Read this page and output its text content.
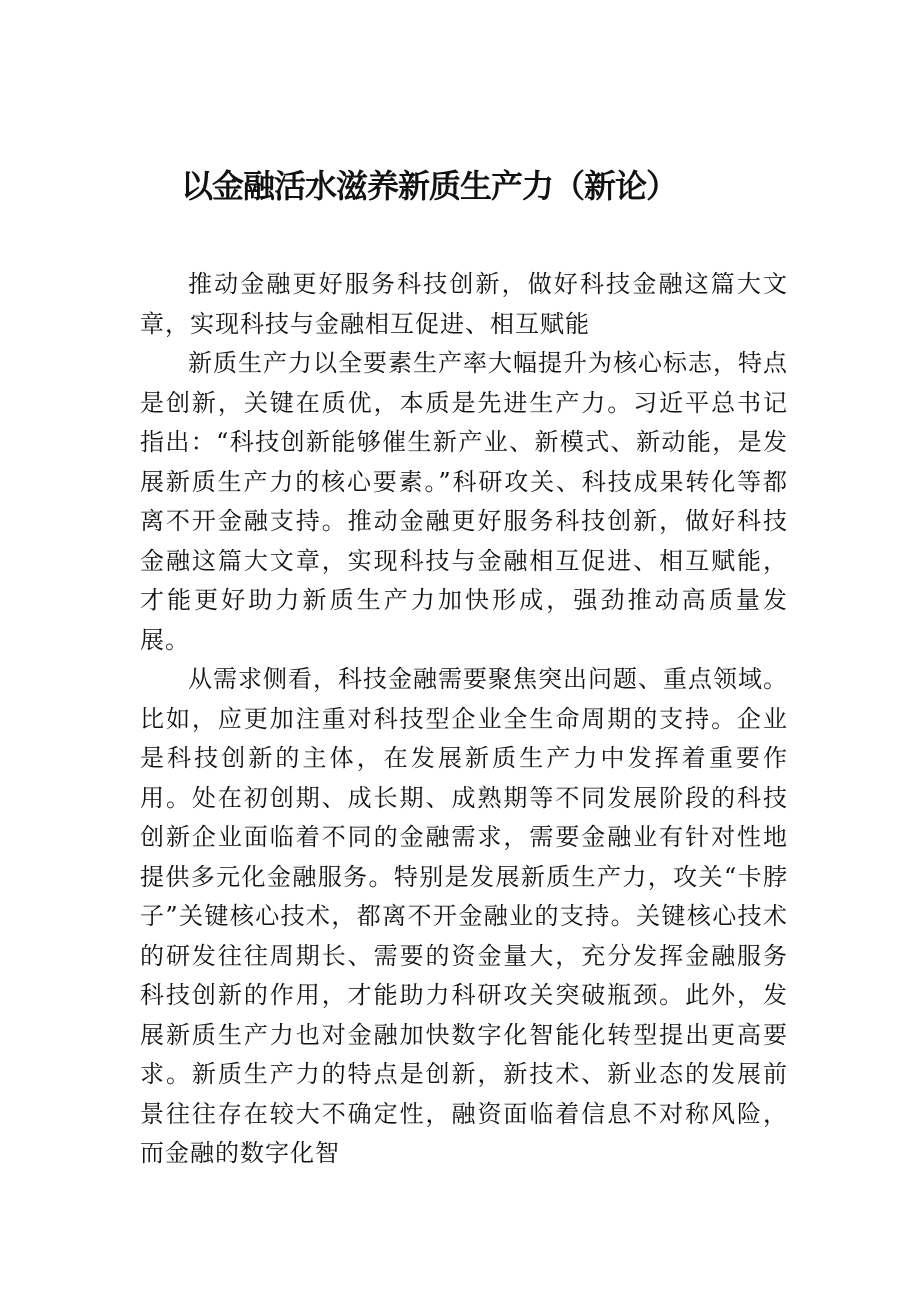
以金融活水滋养新质生产力（新论）

推动金融更好服务科技创新，做好科技金融这篇大文章，实现科技与金融相互促进、相互赋能

新质生产力以全要素生产率大幅提升为核心标志，特点是创新，关键在质优，本质是先进生产力。习近平总书记指出：“科技创新能够催生新产业、新模式、新动能，是发展新质生产力的核心要素。”科研攻关、科技成果转化等都离不开金融支持。推动金融更好服务科技创新，做好科技金融这篇大文章，实现科技与金融相互促进、相互赋能，才能更好助力新质生产力加快形成，强劲推动高质量发展。

从需求侧看，科技金融需要聚焦突出问题、重点领域。比如，应更加注重对科技型企业全生命周期的支持。企业是科技创新的主体，在发展新质生产力中发挥着重要作用。处在初创期、成长期、成熟期等不同发展阶段的科技创新企业面临着不同的金融需求，需要金融业有针对性地提供多元化金融服务。特别是发展新质生产力，攻关“卡脖子”关键核心技术，都离不开金融业的支持。关键核心技术的研发往往周期长、需要的资金量大，充分发挥金融服务科技创新的作用，才能助力科研攻关突破瓶颈。此外，发展新质生产力也对金融加快数字化智能化转型提出更高要求。新质生产力的特点是创新，新技术、新业态的发展前景往往存在较大不确定性，融资面临着信息不对称风险，而金融的数字化智
